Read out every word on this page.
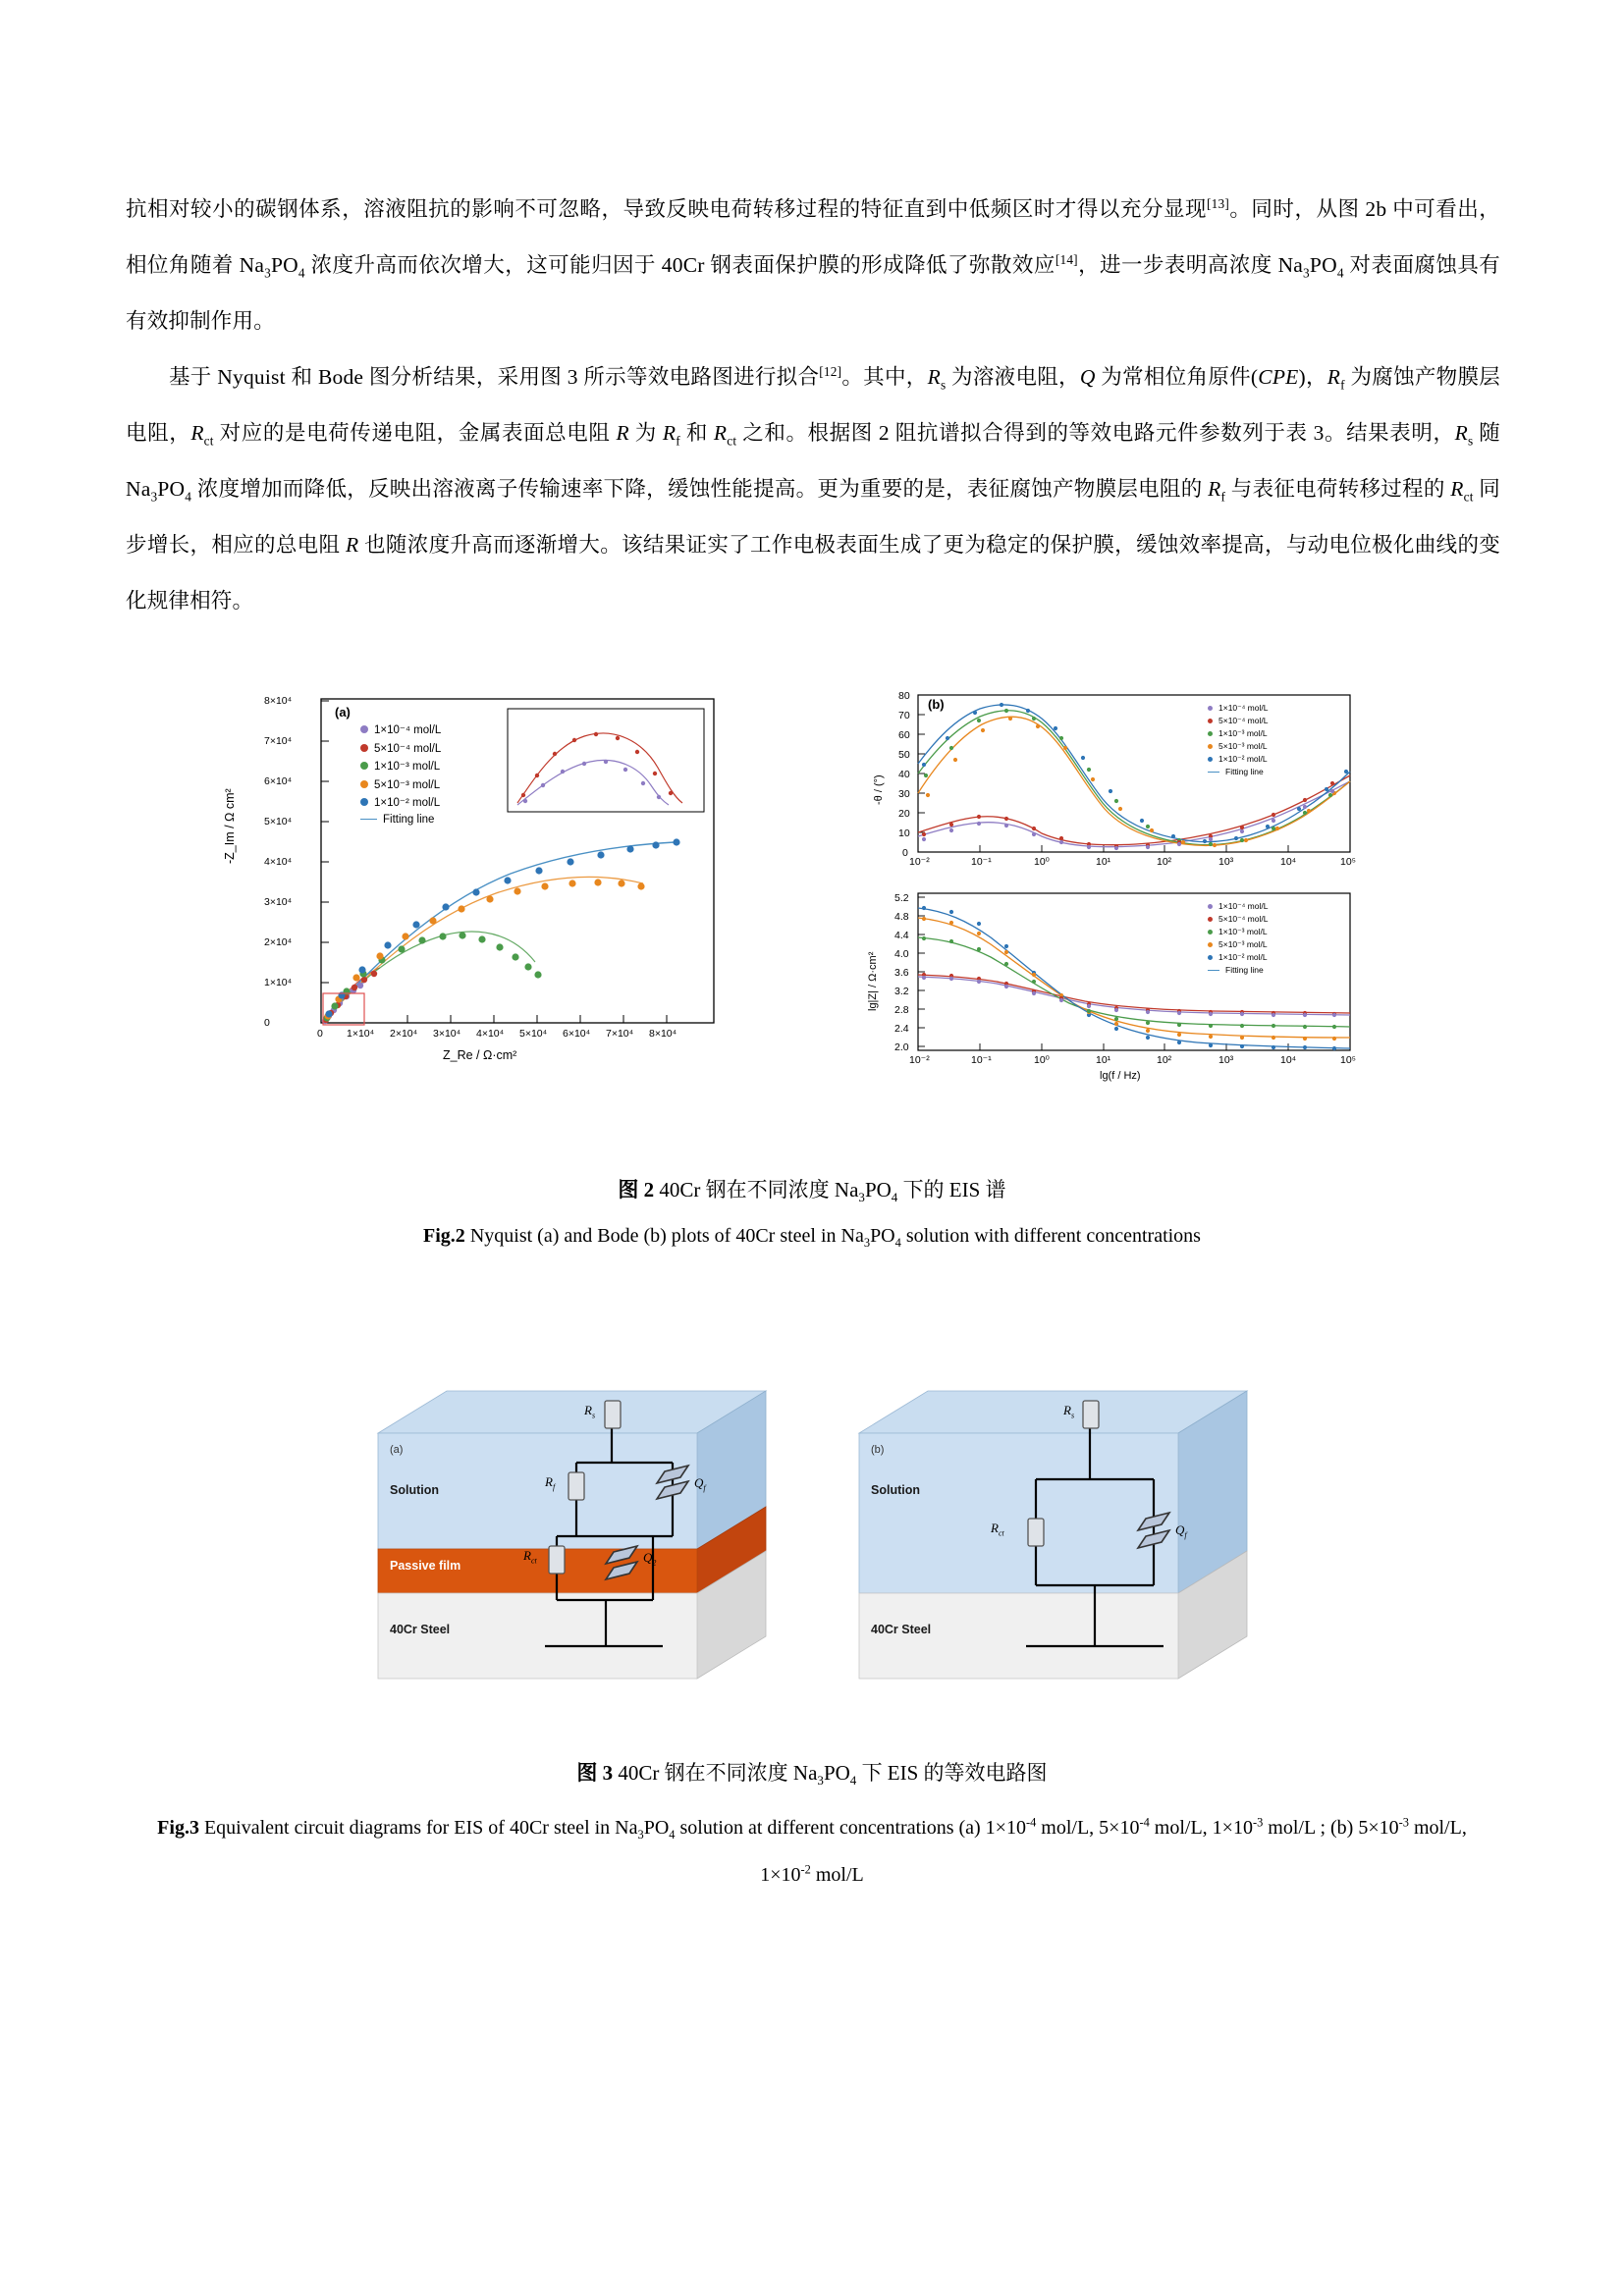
抗相对较小的碳钢体系，溶液阻抗的影响不可忽略，导致反映电荷转移过程的特征直到中低频区时才得以充分显现[13]。同时，从图 2b 中可看出，相位角随着 $Na_3PO_4$ 浓度升高而依次增大，这可能归因于 40Cr 钢表面保护膜的形成降低了弥散效应[14]，进一步表明高浓度 $Na_3PO_4$ 对表面腐蚀具有有效抑制作用。

基于 Nyquist 和 Bode 图分析结果，采用图 3 所示等效电路图进行拟合[12]。其中，$R_s$ 为溶液电阻，Q 为常相位角原件(CPE)，$R_f$ 为腐蚀产物膜层电阻，$R_{ct}$ 对应的是电荷传递电阻，金属表面总电阻 R 为 $R_f$ 和 $R_{ct}$ 之和。根据图 2 阻抗谱拟合得到的等效电路元件参数列于表 3。结果表明，$R_s$ 随 $Na_3PO_4$ 浓度增加而降低，反映出溶液离子传输速率下降，缓蚀性能提高。更为重要的是，表征腐蚀产物膜层电阻的 $R_f$ 与表征电荷转移过程的 $R_{ct}$ 同步增长，相应的总电阻 R 也随浓度升高而逐渐增大。该结果证实了工作电极表面生成了更为稳定的保护膜，缓蚀效率提高，与动电位极化曲线的变化规律相符。

(a)
1×10⁻⁴ mol/L
5×10⁻⁴ mol/L
1×10⁻³ mol/L
5×10⁻³ mol/L
1×10⁻² mol/L
Fitting line
0
1×10⁴
2×10⁴
3×10⁴
4×10⁴
5×10⁴
6×10⁴
7×10⁴
8×10⁴
0 1×10⁴ 2×10⁴ 3×10⁴ 4×10⁴ 5×10⁴ 6×10⁴ 7×10⁴ 8×10⁴
-Z_Im / Ω cm²
Z_Re / Ω·cm²
(b)	1×10⁻⁴ mol/L
5×10⁻⁴ mol/L
1×10⁻³ mol/L
5×10⁻³ mol/L
1×10⁻² mol/L
Fitting line
1×10⁻⁴ mol/L
5×10⁻⁴ mol/L
1×10⁻³ mol/L
5×10⁻³ mol/L
1×10⁻² mol/L
Fitting line
0
10
20
30
40
50
60
70
80
10⁻²	10⁻¹	10⁰	10¹	10²	10³	10⁴	10⁵
-θ / (°)
2.0
2.4
2.8
3.2
3.6
4.0
4.4
4.8
5.2
10⁻²	10⁻¹	10⁰	10¹	10²	10³	10⁴	10⁵
lg|Z| / Ω·cm²
lg(f / Hz)
图 2 40Cr 钢在不同浓度 $Na_3PO_4$ 下的 EIS 谱
Fig.2 Nyquist (a) and Bode (b) plots of 40Cr steel in $Na_3PO_4$ solution with different concentrations
(a)
Solution
Passive film
40Cr Steel
$R_s$
$R_f$
$R_{ct}$
$Q_f$
$Q_2$
(b)
Solution
40Cr Steel
$R_s$
$R_{ct}$	$Q_f$
图 3 40Cr 钢在不同浓度 $Na_3PO_4$ 下 EIS 的等效电路图
Fig.3 Equivalent circuit diagrams for EIS of 40Cr steel in $Na_3PO_4$ solution at different concentrations (a) $1\times 10^{-4}$ mol/L, $5\times 10^{-4}$ mol/L, $1\times 10^{-3}$ mol/L ; (b) $5\times 10^{-3}$ mol/L, $1\times 10^{-2}$ mol/L
